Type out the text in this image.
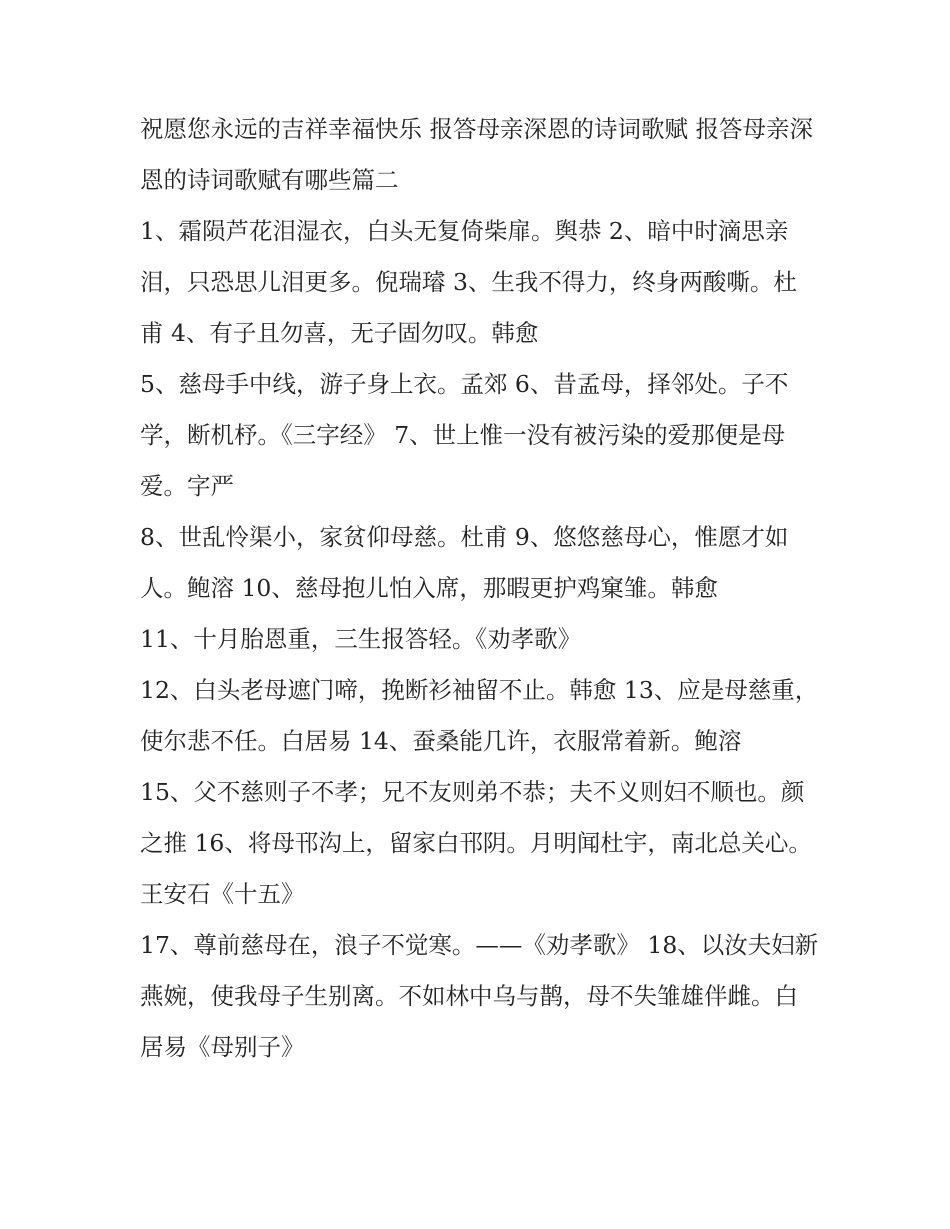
祝愿您永远的吉祥幸福快乐 报答母亲深恩的诗词歌赋 报答母亲深恩的诗词歌赋有哪些篇二

1、霜陨芦花泪湿衣，白头无复倚柴扉。舆恭 2、暗中时滴思亲泪，只恐思儿泪更多。倪瑞璿 3、生我不得力，终身两酸嘶。杜甫 4、有子且勿喜，无子固勿叹。韩愈

5、慈母手中线，游子身上衣。孟郊 6、昔孟母，择邻处。子不学，断机杼。《三字经》 7、世上惟一没有被污染的爱那便是母爱。字严

8、世乱怜渠小，家贫仰母慈。杜甫 9、悠悠慈母心，惟愿才如人。鲍溶 10、慈母抱儿怕入席，那暇更护鸡窠雏。韩愈

11、十月胎恩重，三生报答轻。《劝孝歌》

12、白头老母遮门啼，挽断衫袖留不止。韩愈 13、应是母慈重，使尔悲不任。白居易 14、蚕桑能几许，衣服常着新。鲍溶

15、父不慈则子不孝；兄不友则弟不恭；夫不义则妇不顺也。颜之推 16、将母邗沟上，留家白邗阴。月明闻杜宇，南北总关心。王安石《十五》

17、尊前慈母在，浪子不觉寒。——《劝孝歌》 18、以汝夫妇新燕婉，使我母子生别离。不如林中乌与鹊，母不失雏雄伴雌。白居易《母别子》
